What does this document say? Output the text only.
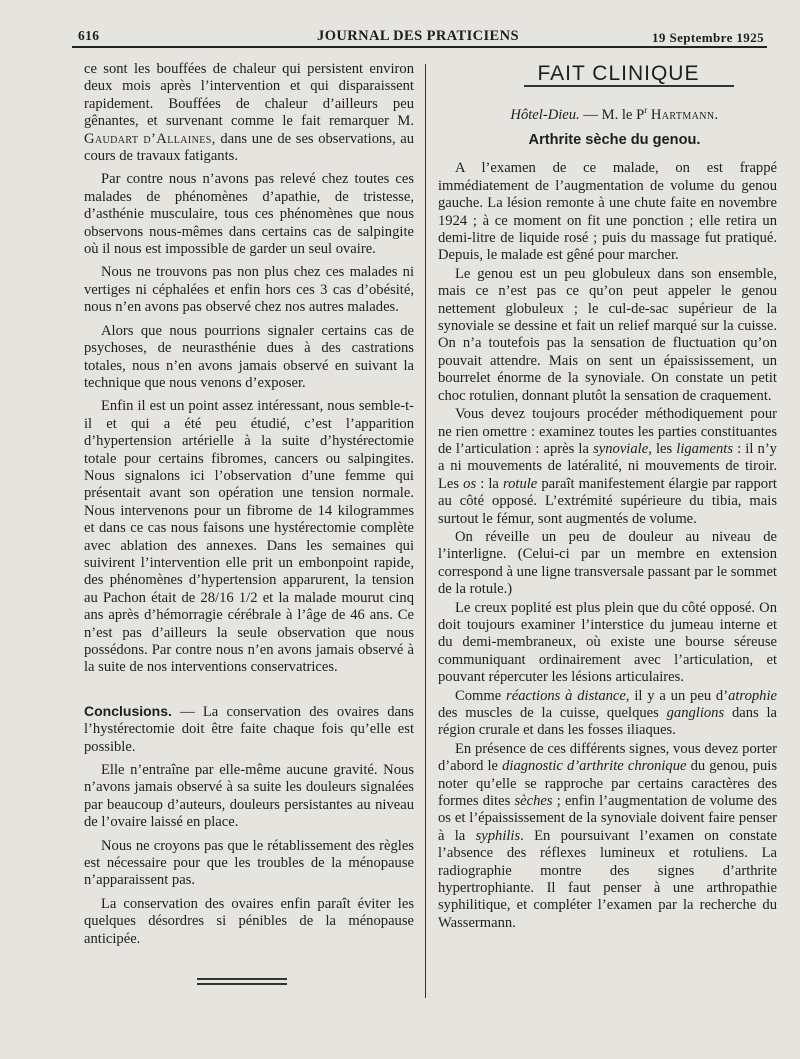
616	JOURNAL DES PRATICIENS	19 Septembre 1925

ce sont les bouffées de chaleur qui persistent environ deux mois après l’intervention et qui disparaissent rapidement. Bouffées de chaleur d’ailleurs peu gênantes, et survenant comme le fait remarquer M. Gaudart d’Allaines, dans une de ses observations, au cours de travaux fatigants.

Par contre nous n’avons pas relevé chez toutes ces malades de phénomènes d’apathie, de tristesse, d’asthénie musculaire, tous ces phénomènes que nous observons nous-mêmes dans certains cas de salpingite où il nous est impossible de garder un seul ovaire.

Nous ne trouvons pas non plus chez ces malades ni vertiges ni céphalées et enfin hors ces 3 cas d’obésité, nous n’en avons pas observé chez nos autres malades.

Alors que nous pourrions signaler certains cas de psychoses, de neurasthénie dues à des castrations totales, nous n’en avons jamais observé en suivant la technique que nous venons d’exposer.

Enfin il est un point assez intéressant, nous semble-t-il et qui a été peu étudié, c’est l’apparition d’hypertension artérielle à la suite d’hystérectomie totale pour certains fibromes, cancers ou salpingites. Nous signalons ici l’observation d’une femme qui présentait avant son opération une tension normale. Nous intervenons pour un fibrome de 14 kilogrammes et dans ce cas nous faisons une hystérectomie complète avec ablation des annexes. Dans les semaines qui suivirent l’intervention elle prit un embonpoint rapide, des phénomènes d’hypertension apparurent, la tension au Pachon était de 28/16 1/2 et la malade mourut cinq ans après d’hémorragie cérébrale à l’âge de 46 ans. Ce n’est pas d’ailleurs la seule observation que nous possédons. Par contre nous n’en avons jamais observé à la suite de nos interventions conservatrices.

Conclusions. — La conservation des ovaires dans l’hystérectomie doit être faite chaque fois qu’elle est possible.

Elle n’entraîne par elle-même aucune gravité. Nous n’avons jamais observé à sa suite les douleurs signalées par beaucoup d’auteurs, douleurs persistantes au niveau de l’ovaire laissé en place.

Nous ne croyons pas que le rétablissement des règles est nécessaire pour que les troubles de la ménopause n’apparaissent pas.

La conservation des ovaires enfin paraît éviter les quelques désordres si pénibles de la ménopause anticipée.

FAIT CLINIQUE
Hôtel-Dieu. — M. le $P^r$ Hartmann.
Arthrite sèche du genou.

A l’examen de ce malade, on est frappé immédiatement de l’augmentation de volume du genou gauche. La lésion remonte à une chute faite en novembre 1924 ; à ce moment on fit une ponction ; elle retira un demi-litre de liquide rosé ; puis du massage fut pratiqué. Depuis, le malade est gêné pour marcher.

Le genou est un peu globuleux dans son ensemble, mais ce n’est pas ce qu’on peut appeler le genou nettement globuleux ; le cul-de-sac supérieur de la synoviale se dessine et fait un relief marqué sur la cuisse. On n’a toutefois pas la sensation de fluctuation qu’on pouvait attendre. Mais on sent un épaississement, un bourrelet énorme de la synoviale. On constate un petit choc rotulien, donnant plutôt la sensation de craquement.

Vous devez toujours procéder méthodiquement pour ne rien omettre : examinez toutes les parties constituantes de l’articulation : après la synoviale, les ligaments : il n’y a ni mouvements de latéralité, ni mouvements de tiroir. Les os : la rotule paraît manifestement élargie par rapport au côté opposé. L’extrémité supérieure du tibia, mais surtout le fémur, sont augmentés de volume.

On réveille un peu de douleur au niveau de l’interligne. (Celui-ci par un membre en extension correspond à une ligne transversale passant par le sommet de la rotule.)

Le creux poplité est plus plein que du côté opposé. On doit toujours examiner l’interstice du jumeau interne et du demi-membraneux, où existe une bourse séreuse communiquant ordinairement avec l’articulation, et pouvant répercuter les lésions articulaires.

Comme réactions à distance, il y a un peu d’atrophie des muscles de la cuisse, quelques ganglions dans la région crurale et dans les fosses iliaques.

En présence de ces différents signes, vous devez porter d’abord le diagnostic d’arthrite chronique du genou, puis noter qu’elle se rapproche par certains caractères des formes dites sèches ; enfin l’augmentation de volume des os et l’épaississement de la synoviale doivent faire penser à la syphilis. En poursuivant l’examen on constate l’absence des réflexes lumineux et rotuliens. La radiographie montre des signes d’arthrite hypertrophiante. Il faut penser à une arthropathie syphilitique, et compléter l’examen par la recherche du Wassermann.
